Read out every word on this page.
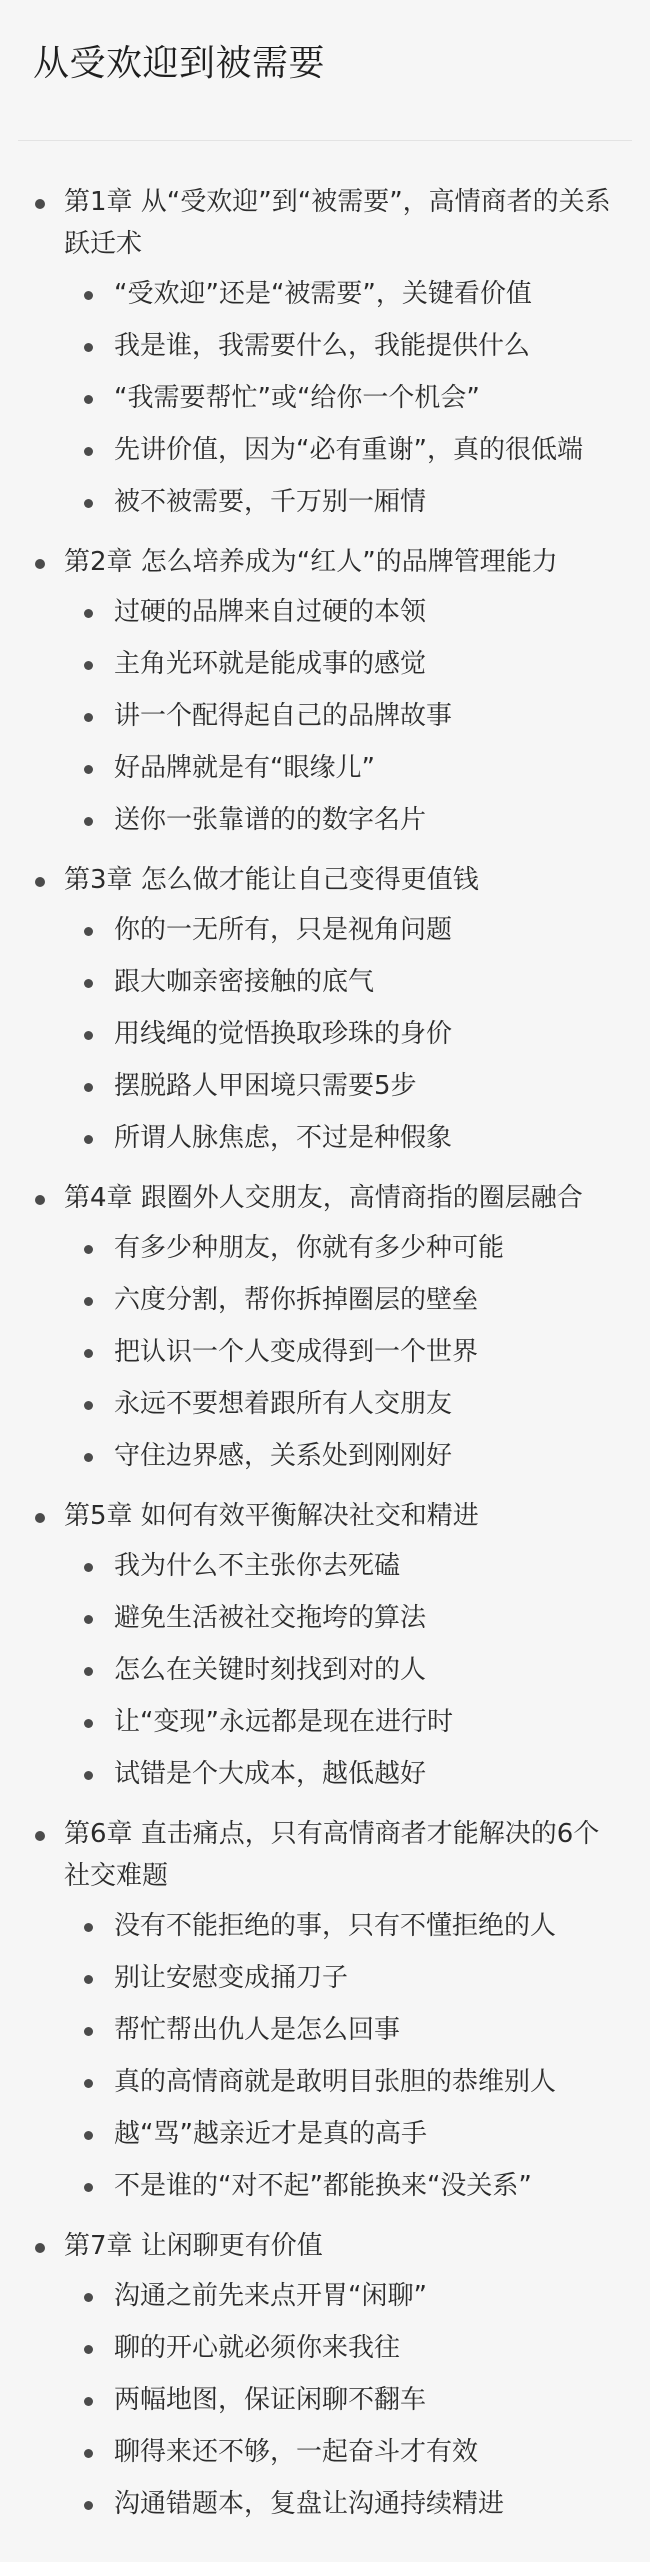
从受欢迎到被需要
第1章 从“受欢迎”到“被需要”，高情商者的关系跃迁术
“受欢迎”还是“被需要”，关键看价值
我是谁，我需要什么，我能提供什么
“我需要帮忙”或“给你一个机会”
先讲价值，因为“必有重谢”，真的很低端
被不被需要，千万别一厢情
第2章 怎么培养成为“红人”的品牌管理能力
过硬的品牌来自过硬的本领
主角光环就是能成事的感觉
讲一个配得起自己的品牌故事
好品牌就是有“眼缘儿”
送你一张靠谱的的数字名片
第3章 怎么做才能让自己变得更值钱
你的一无所有，只是视角问题
跟大咖亲密接触的底气
用线绳的觉悟换取珍珠的身价
摆脱路人甲困境只需要5步
所谓人脉焦虑，不过是种假象
第4章 跟圈外人交朋友，高情商指的圈层融合
有多少种朋友，你就有多少种可能
六度分割，帮你拆掉圈层的壁垒
把认识一个人变成得到一个世界
永远不要想着跟所有人交朋友
守住边界感，关系处到刚刚好
第5章 如何有效平衡解决社交和精进
我为什么不主张你去死磕
避免生活被社交拖垮的算法
怎么在关键时刻找到对的人
让“变现”永远都是现在进行时
试错是个大成本，越低越好
第6章 直击痛点，只有高情商者才能解决的6个社交难题
没有不能拒绝的事，只有不懂拒绝的人
别让安慰变成捅刀子
帮忙帮出仇人是怎么回事
真的高情商就是敢明目张胆的恭维别人
越“骂”越亲近才是真的高手
不是谁的“对不起”都能换来“没关系”
第7章 让闲聊更有价值
沟通之前先来点开胃“闲聊”
聊的开心就必须你来我往
两幅地图，保证闲聊不翻车
聊得来还不够，一起奋斗才有效
沟通错题本，复盘让沟通持续精进
